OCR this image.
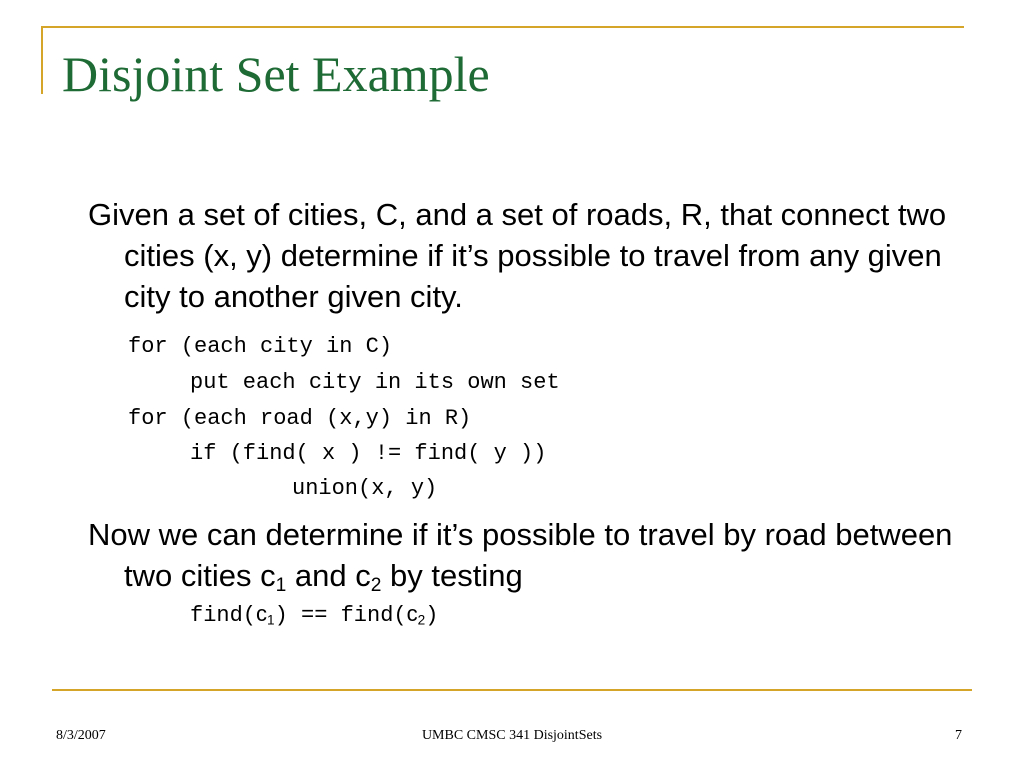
Disjoint Set Example
Given a set of cities, C, and a set of roads, R, that connect two cities (x, y) determine if it’s possible to travel from any given city to another given city.
for (each city in C)
put each city in its own set
for (each road (x,y) in R)
if (find( x ) != find( y ))
union(x, y)
Now we can determine if it’s possible to travel by road between two cities $c_1$ and $c_2$ by testing
$find(c_1)$ == $find(c_2)$
8/3/2007	UMBC CMSC 341 DisjointSets	7
